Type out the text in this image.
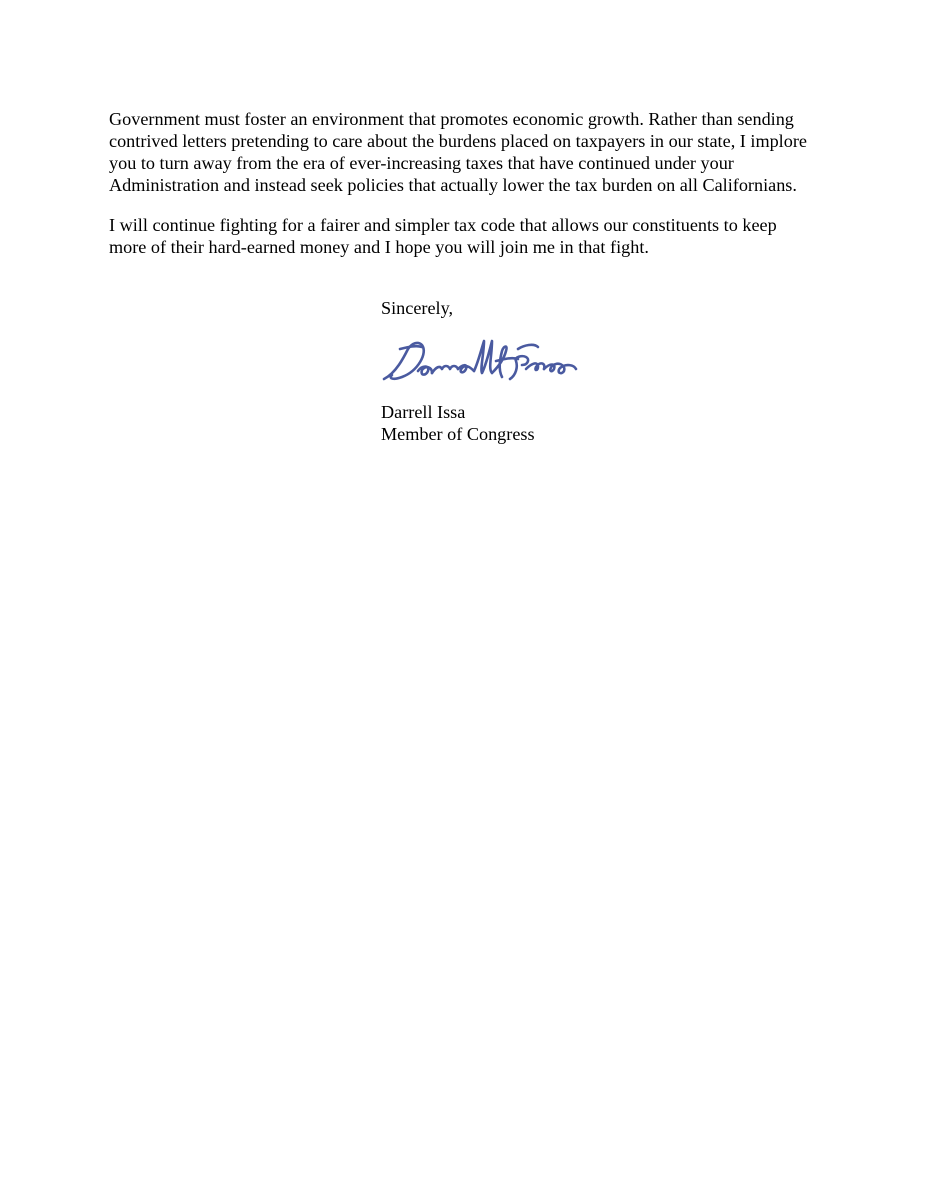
Government must foster an environment that promotes economic growth. Rather than sending

contrived letters pretending to care about the burdens placed on taxpayers in our state, I implore

you to turn away from the era of ever-increasing taxes that have continued under your

Administration and instead seek policies that actually lower the tax burden on all Californians.

I will continue fighting for a fairer and simpler tax code that allows our constituents to keep

more of their hard-earned money and I hope you will join me in that fight.

Sincerely,

Darrell Issa

Member of Congress
